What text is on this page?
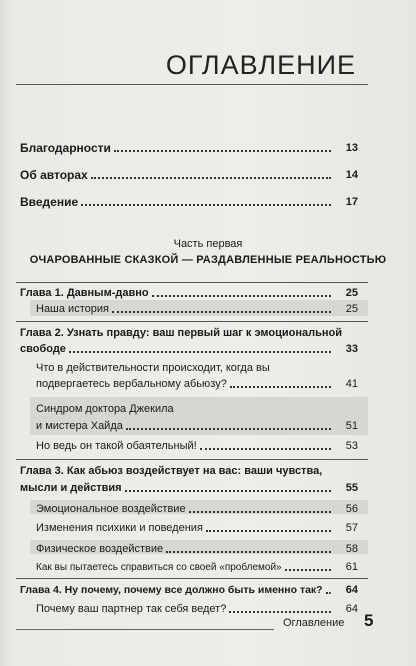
ОГЛАВЛЕНИЕ
Благодарности	13
Об авторах	14
Введение	17
Часть первая
ОЧАРОВАННЫЕ СКАЗКОЙ — РАЗДАВЛЕННЫЕ РЕАЛЬНОСТЬЮ
Глава 1. Давным-давно	25
Наша история	25
Глава 2. Узнать правду: ваш первый шаг к эмоциональной
свободе	33
Что в действительности происходит, когда вы
подвергаетесь вербальному абьюзу?	41
Синдром доктора Джекила
и мистера Хайда	51
Но ведь он такой обаятельный!	53
Глава 3. Как абьюз воздействует на вас: ваши чувства,
мысли и действия	55
Эмоциональное воздействие	56
Изменения психики и поведения	57
Физическое воздействие	58
Как вы пытаетесь справиться со своей «проблемой»	61
Глава 4. Ну почему, почему все должно быть именно так?	64
Почему ваш партнер так себя ведет?	64
Оглавление 5
